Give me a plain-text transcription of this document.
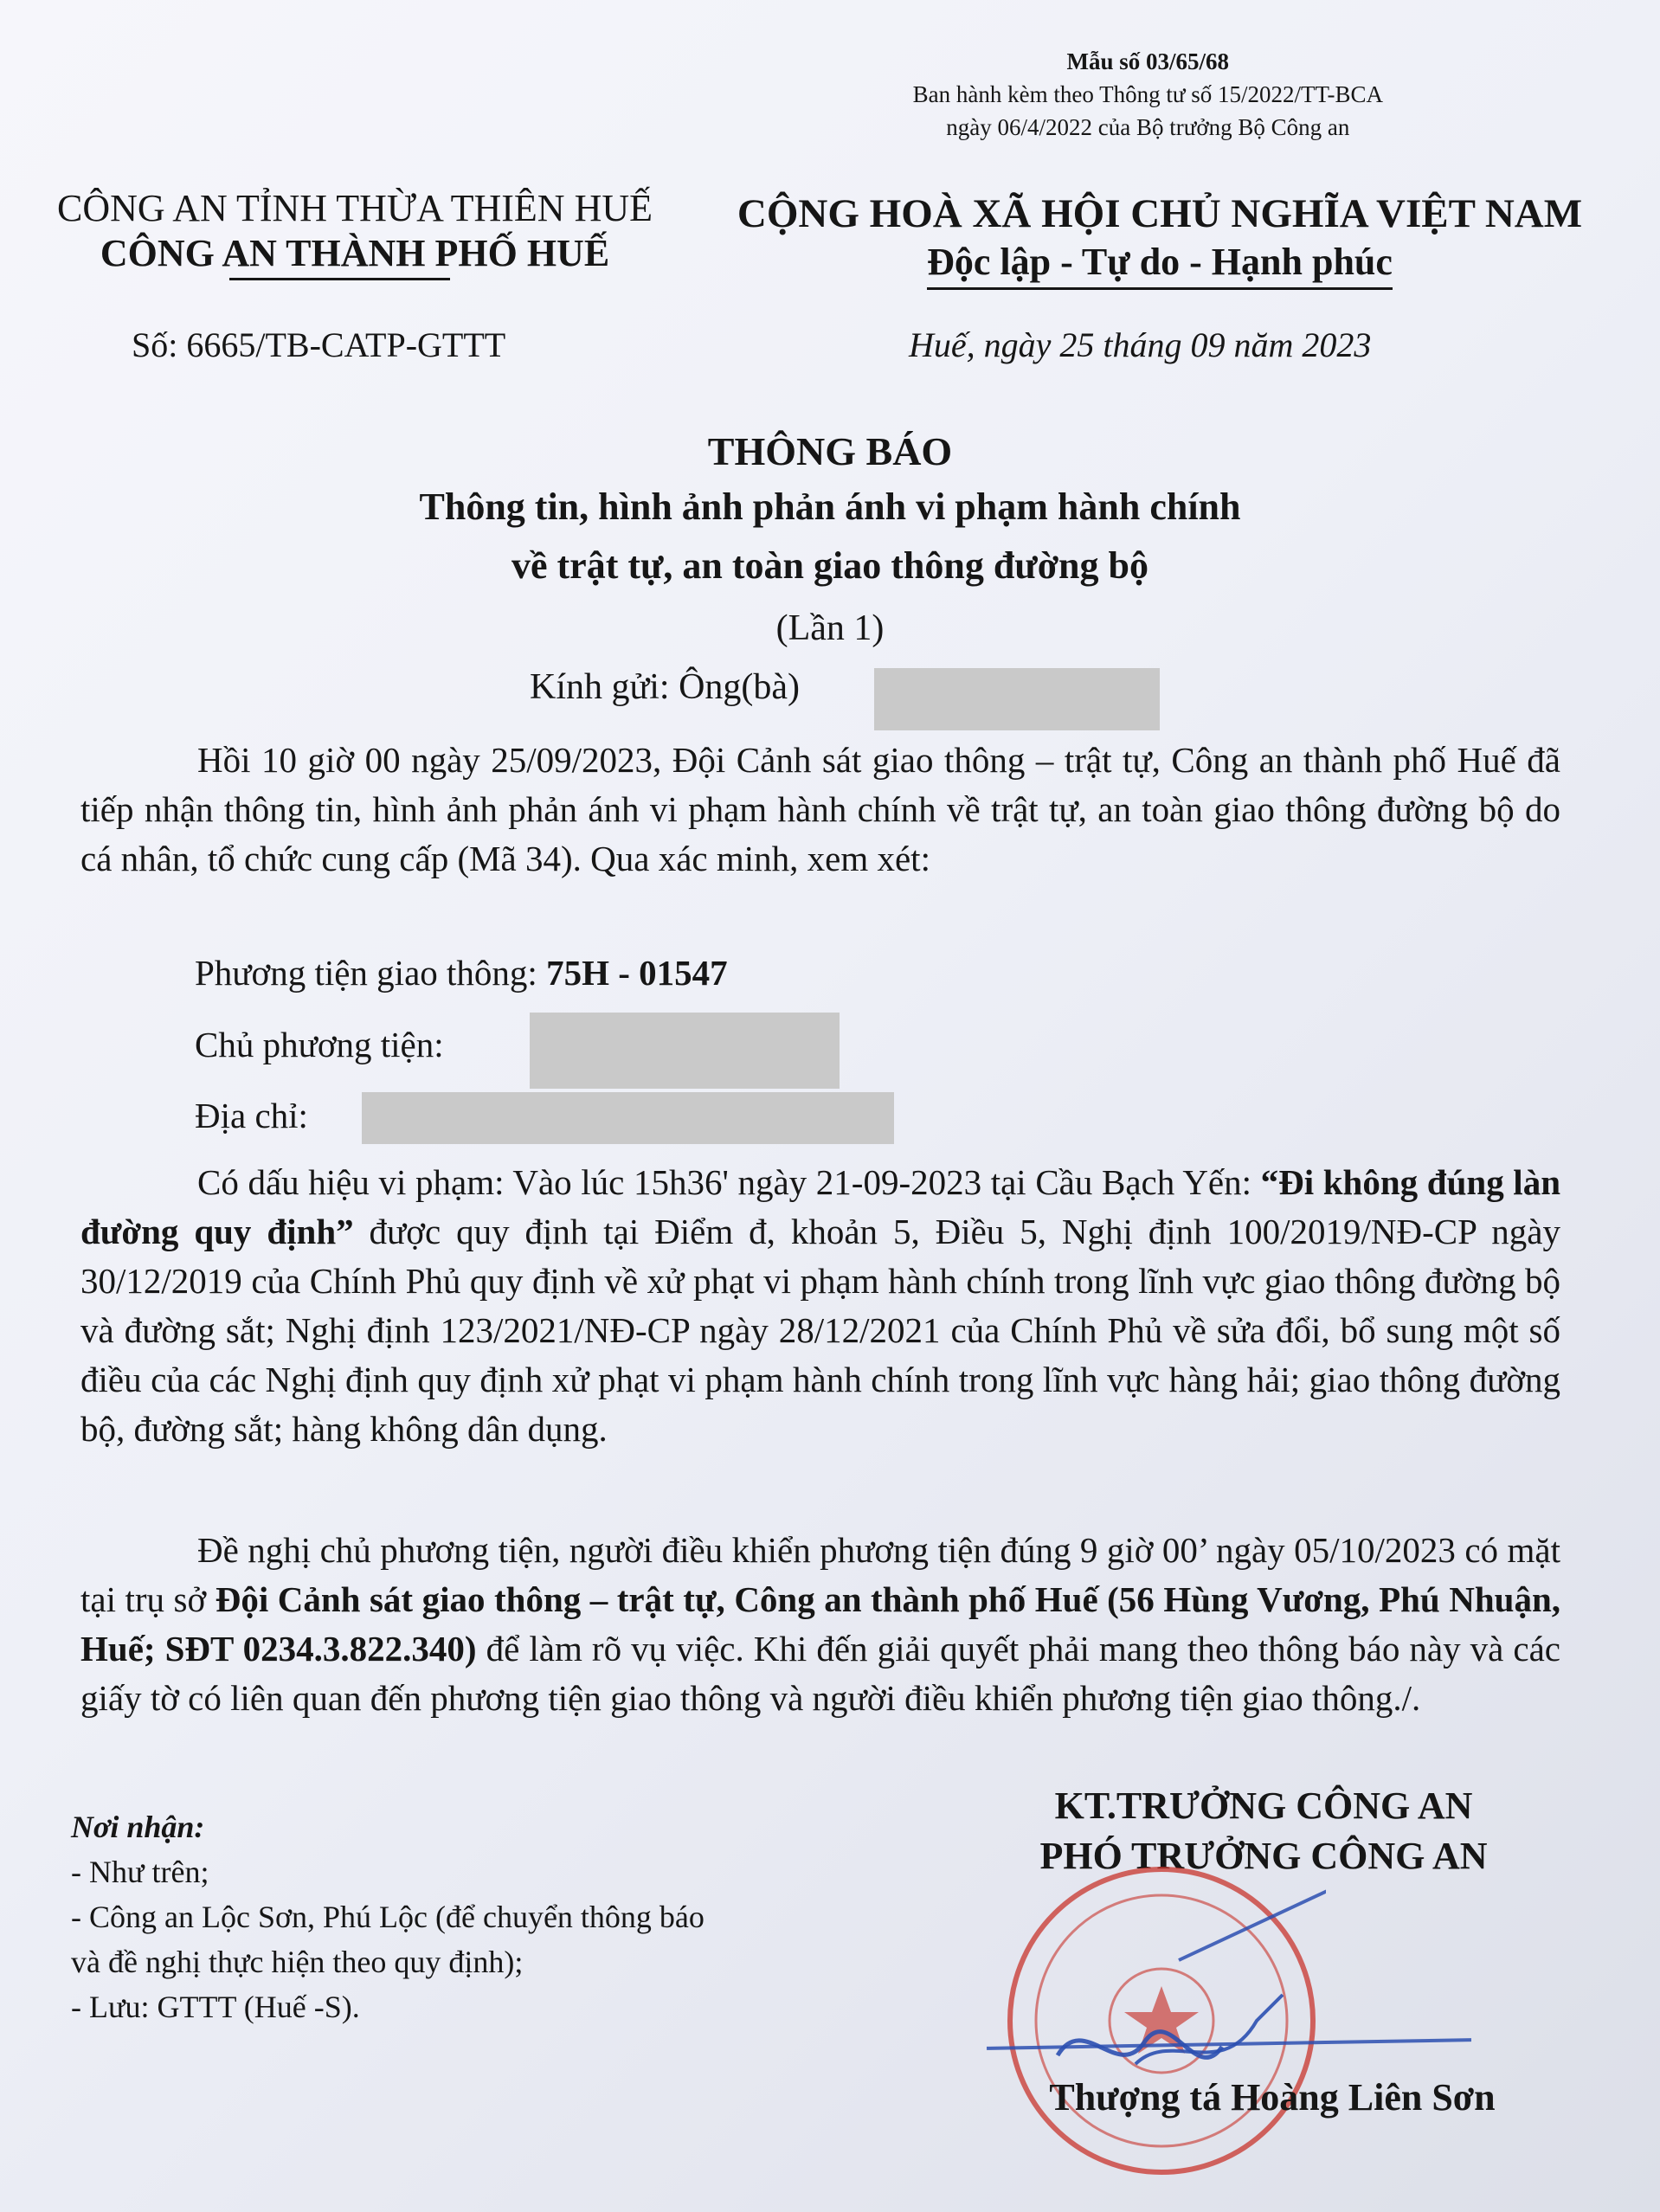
Mẫu số 03/65/68
Ban hành kèm theo Thông tư số 15/2022/TT-BCA
ngày 06/4/2022 của Bộ trưởng Bộ Công an
CÔNG AN TỈNH THỪA THIÊN HUẾ
CÔNG AN THÀNH PHỐ HUẾ
CỘNG HOÀ XÃ HỘI CHỦ NGHĨA VIỆT NAM
Độc lập - Tự do - Hạnh phúc
Số: 6665/TB-CATP-GTTT	Huế, ngày 25 tháng 09 năm 2023
THÔNG BÁO
Thông tin, hình ảnh phản ánh vi phạm hành chính
về trật tự, an toàn giao thông đường bộ
(Lần 1)
Kính gửi: Ông(bà)
Hồi 10 giờ 00 ngày 25/09/2023, Đội Cảnh sát giao thông – trật tự, Công an thành phố Huế đã tiếp nhận thông tin, hình ảnh phản ánh vi phạm hành chính về trật tự, an toàn giao thông đường bộ do cá nhân, tổ chức cung cấp (Mã 34). Qua xác minh, xem xét:
Phương tiện giao thông: 75H - 01547
Chủ phương tiện:
Địa chỉ:
Có dấu hiệu vi phạm: Vào lúc 15h36' ngày 21-09-2023 tại Cầu Bạch Yến: “Đi không đúng làn đường quy định” được quy định tại Điểm đ, khoản 5, Điều 5, Nghị định 100/2019/NĐ-CP ngày 30/12/2019 của Chính Phủ quy định về xử phạt vi phạm hành chính trong lĩnh vực giao thông đường bộ và đường sắt; Nghị định 123/2021/NĐ-CP ngày 28/12/2021 của Chính Phủ về sửa đổi, bổ sung một số điều của các Nghị định quy định xử phạt vi phạm hành chính trong lĩnh vực hàng hải; giao thông đường bộ, đường sắt; hàng không dân dụng.
Đề nghị chủ phương tiện, người điều khiển phương tiện đúng 9 giờ 00’ ngày 05/10/2023 có mặt tại trụ sở Đội Cảnh sát giao thông – trật tự, Công an thành phố Huế (56 Hùng Vương, Phú Nhuận, Huế; SĐT 0234.3.822.340) để làm rõ vụ việc. Khi đến giải quyết phải mang theo thông báo này và các giấy tờ có liên quan đến phương tiện giao thông và người điều khiển phương tiện giao thông./.
Nơi nhận:
- Như trên;
- Công an Lộc Sơn, Phú Lộc (để chuyển thông báo
và đề nghị thực hiện theo quy định);
- Lưu: GTTT (Huế -S).
KT.TRƯỞNG CÔNG AN
PHÓ TRƯỞNG CÔNG AN
Thượng tá Hoàng Liên Sơn
